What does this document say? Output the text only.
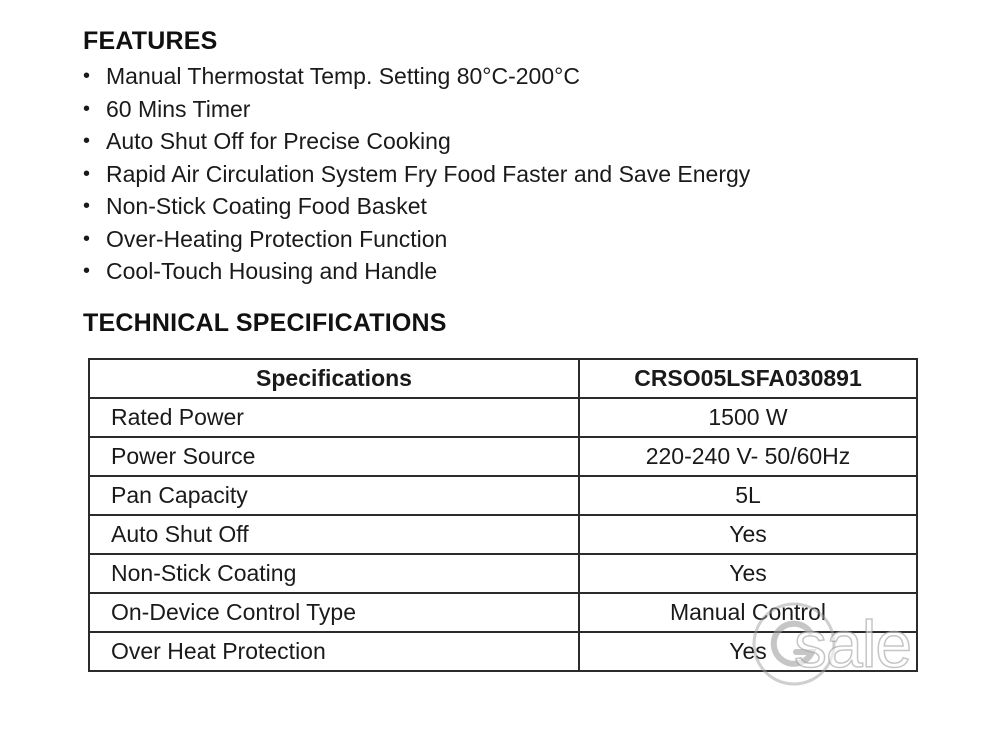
FEATURES
• Manual Thermostat Temp. Setting 80°C-200°C
• 60 Mins Timer
• Auto Shut Off for Precise Cooking
• Rapid Air Circulation System Fry Food Faster and Save Energy
• Non-Stick Coating Food Basket
• Over-Heating Protection Function
• Cool-Touch Housing and Handle
TECHNICAL SPECIFICATIONS
Specifications	CRSO05LSFA030891
Rated Power	1500 W
Power Source	220-240 V- 50/60Hz
Pan Capacity	5L
Auto Shut Off	Yes
Non-Stick Coating	Yes
On-Device Control Type	Manual Control
Over Heat Protection	Yes sale
